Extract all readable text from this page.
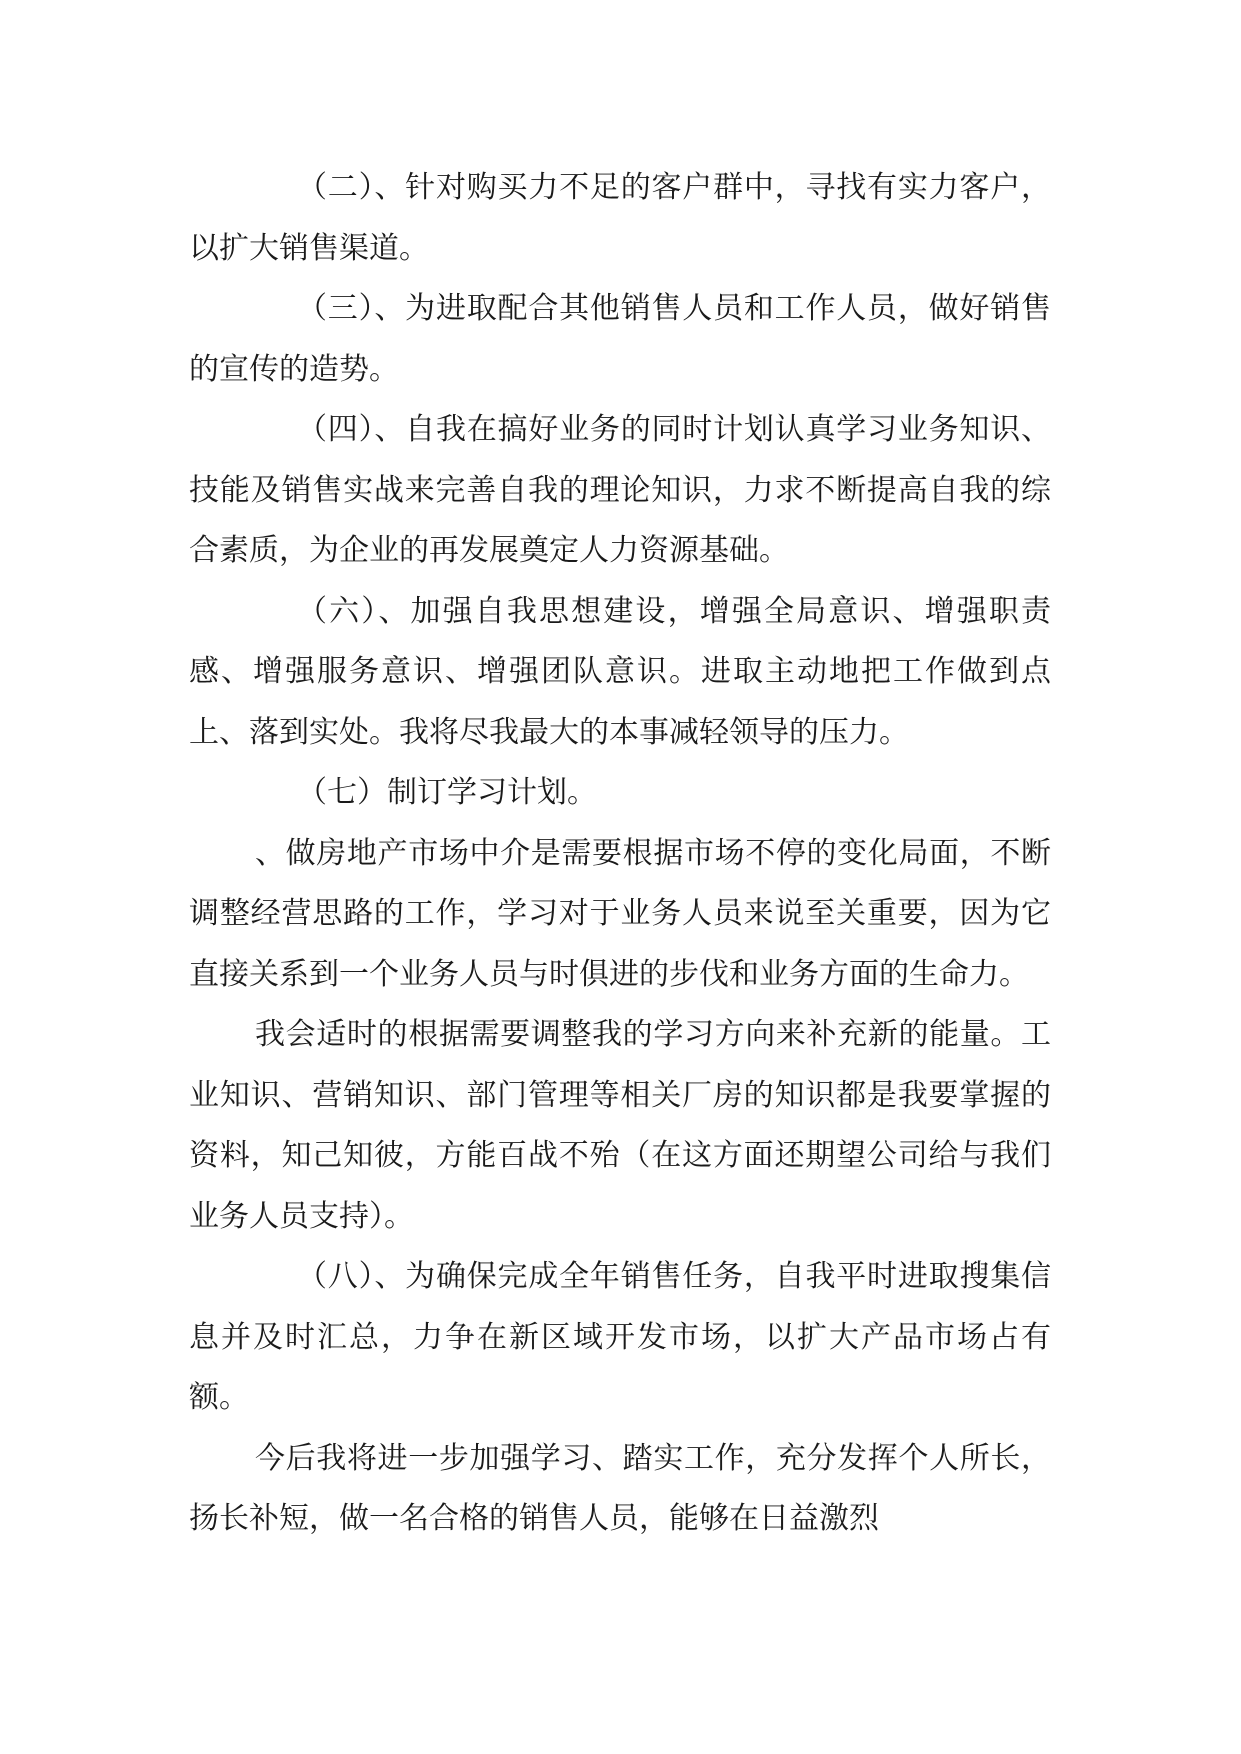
（二）、针对购买力不足的客户群中，寻找有实力客户，以扩大销售渠道。

（三）、为进取配合其他销售人员和工作人员，做好销售的宣传的造势。

（四）、自我在搞好业务的同时计划认真学习业务知识、技能及销售实战来完善自我的理论知识，力求不断提高自我的综合素质，为企业的再发展奠定人力资源基础。

（六）、加强自我思想建设，增强全局意识、增强职责感、增强服务意识、增强团队意识。进取主动地把工作做到点上、落到实处。我将尽我最大的本事减轻领导的压力。

（七）制订学习计划。

、做房地产市场中介是需要根据市场不停的变化局面，不断调整经营思路的工作，学习对于业务人员来说至关重要，因为它直接关系到一个业务人员与时俱进的步伐和业务方面的生命力。

我会适时的根据需要调整我的学习方向来补充新的能量。工业知识、营销知识、部门管理等相关厂房的知识都是我要掌握的资料，知己知彼，方能百战不殆（在这方面还期望公司给与我们业务人员支持）。

（八）、为确保完成全年销售任务，自我平时进取搜集信息并及时汇总，力争在新区域开发市场，以扩大产品市场占有额。

今后我将进一步加强学习、踏实工作，充分发挥个人所长，扬长补短，做一名合格的销售人员，能够在日益激烈
